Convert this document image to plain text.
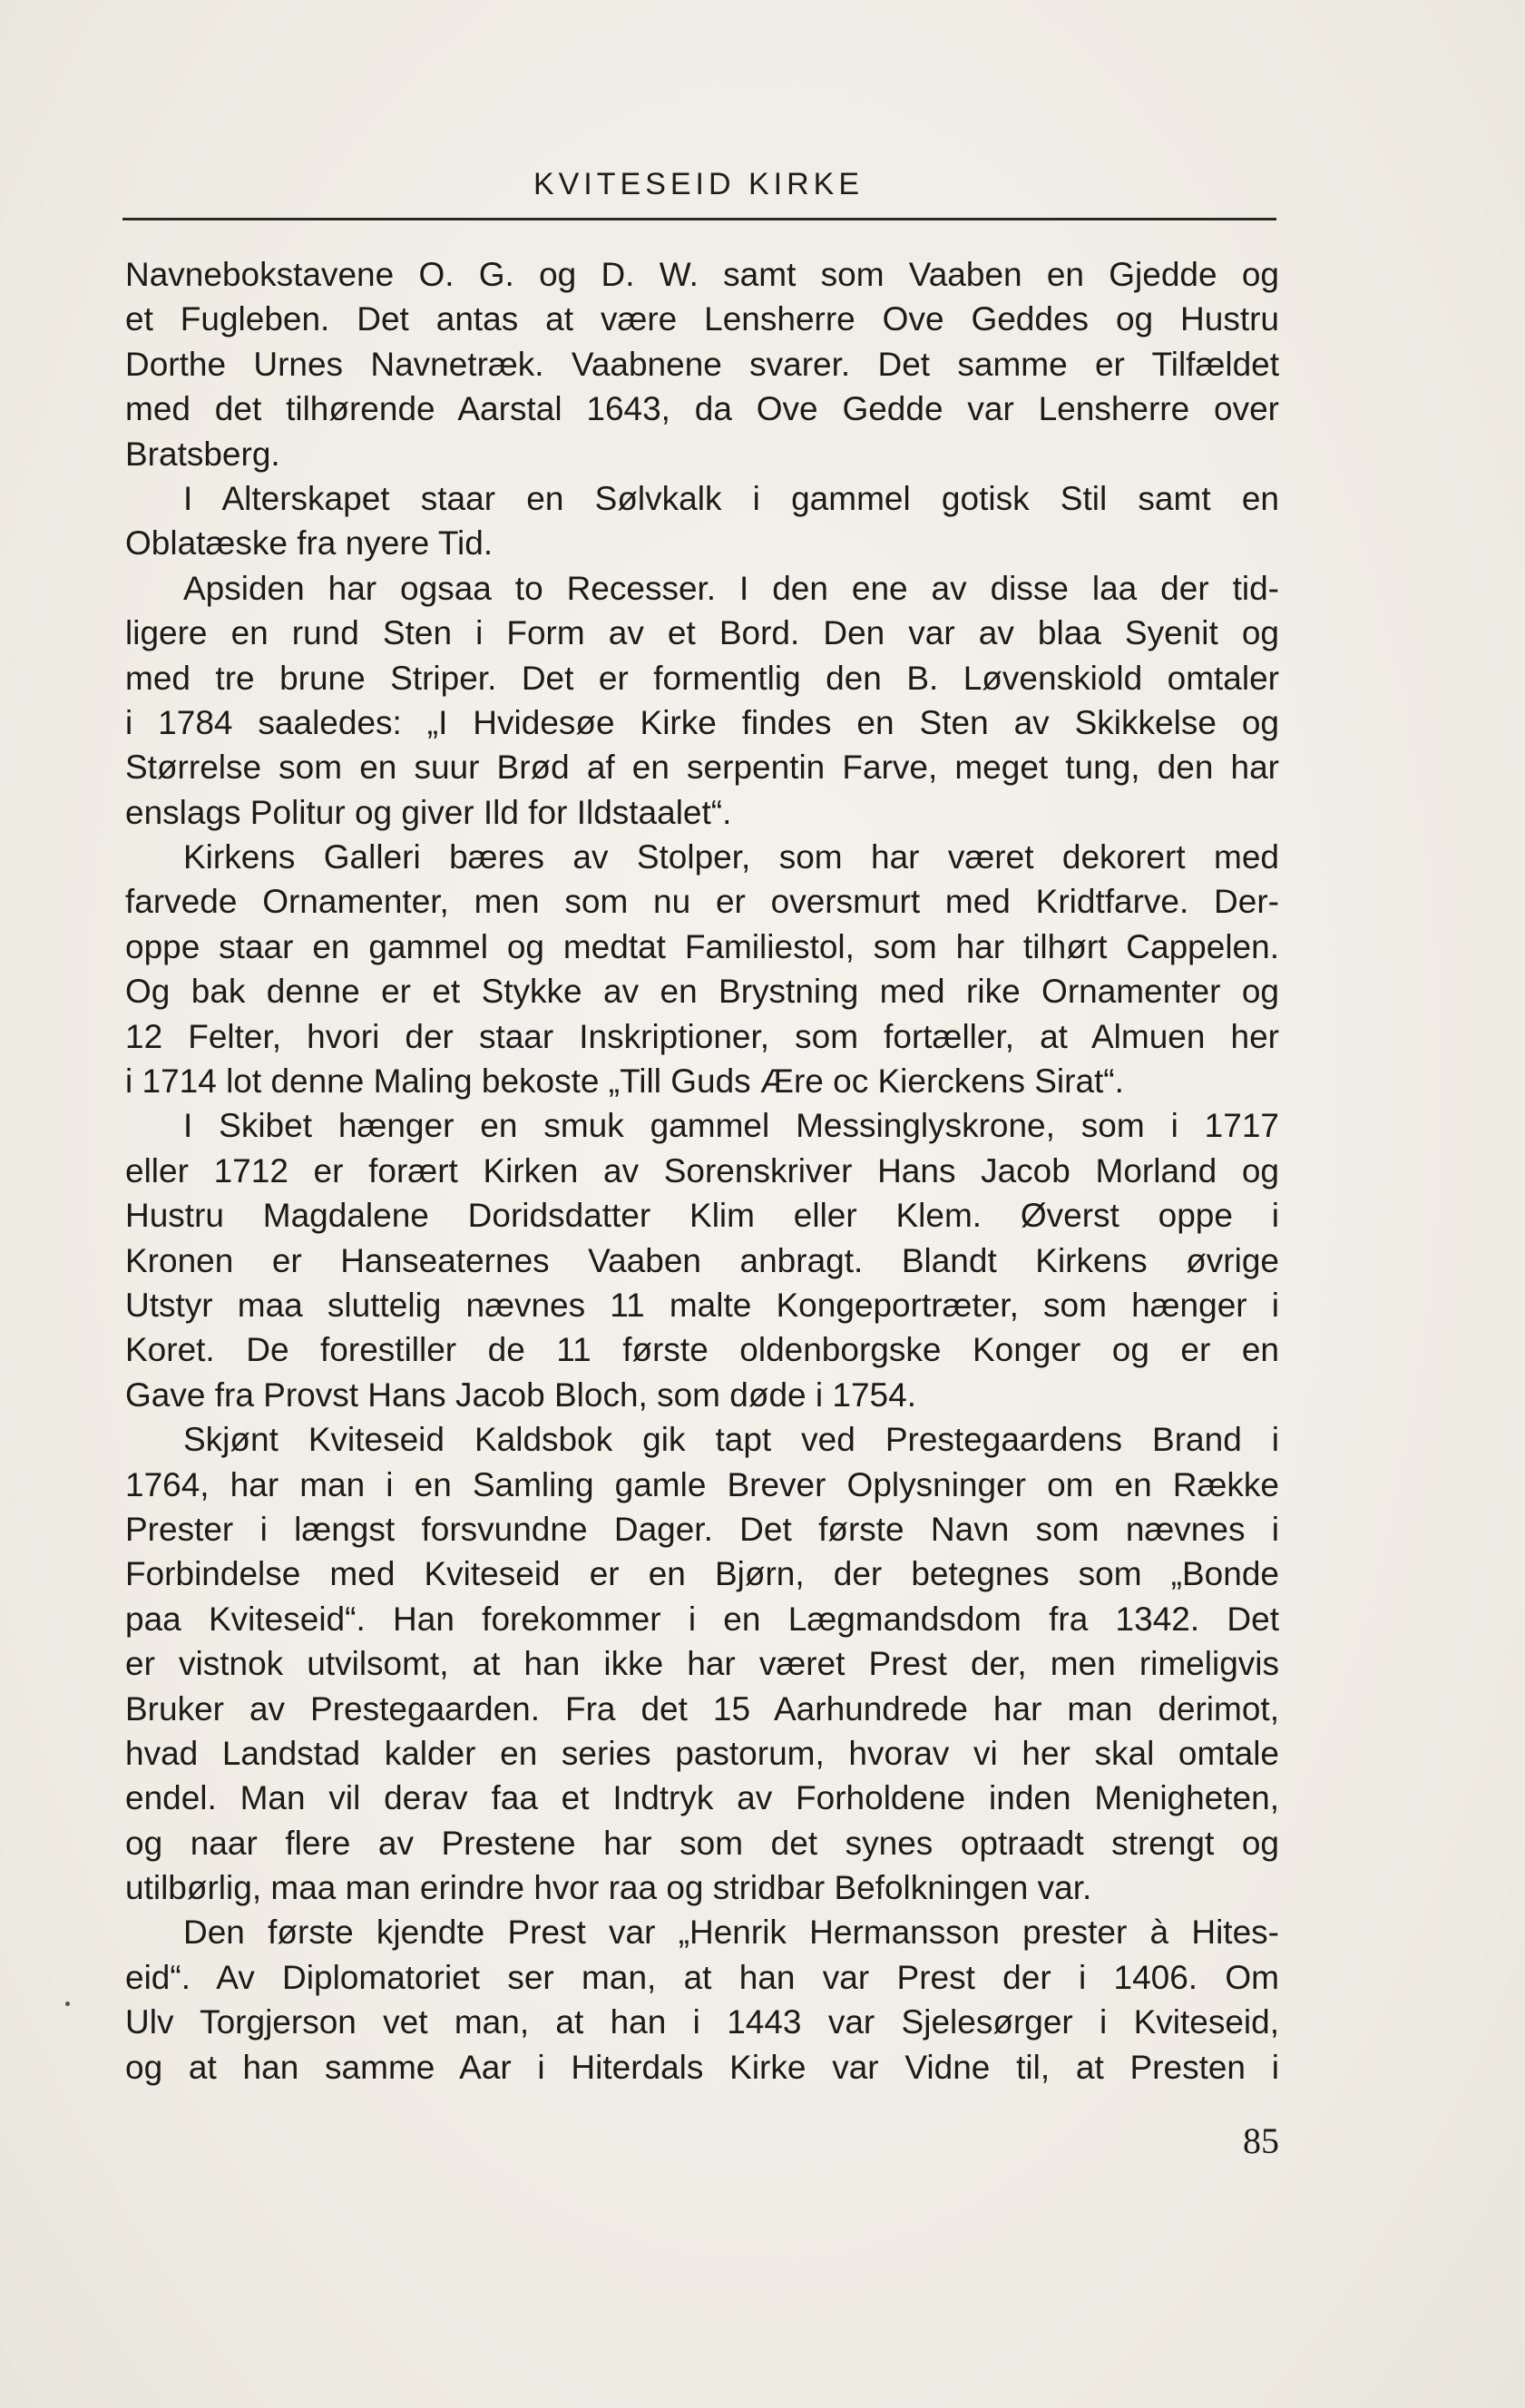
KVITESEID KIRKE
Navnebokstavene O. G. og D. W. samt som Vaaben en Gjedde og
et Fugleben. Det antas at være Lensherre Ove Geddes og Hustru
Dorthe Urnes Navnetræk. Vaabnene svarer. Det samme er Tilfældet
med det tilhørende Aarstal 1643, da Ove Gedde var Lensherre over
Bratsberg.
I Alterskapet staar en Sølvkalk i gammel gotisk Stil samt en
Oblatæske fra nyere Tid.
Apsiden har ogsaa to Recesser. I den ene av disse laa der tid-
ligere en rund Sten i Form av et Bord. Den var av blaa Syenit og
med tre brune Striper. Det er formentlig den B. Løvenskiold omtaler
i 1784 saaledes: „I Hvidesøe Kirke findes en Sten av Skikkelse og
Størrelse som en suur Brød af en serpentin Farve, meget tung, den har
enslags Politur og giver Ild for Ildstaalet“.
Kirkens Galleri bæres av Stolper, som har været dekorert med
farvede Ornamenter, men som nu er oversmurt med Kridtfarve. Der-
oppe staar en gammel og medtat Familiestol, som har tilhørt Cappelen.
Og bak denne er et Stykke av en Brystning med rike Ornamenter og
12 Felter, hvori der staar Inskriptioner, som fortæller, at Almuen her
i 1714 lot denne Maling bekoste „Till Guds Ære oc Kierckens Sirat“.
I Skibet hænger en smuk gammel Messinglyskrone, som i 1717
eller 1712 er forært Kirken av Sorenskriver Hans Jacob Morland og
Hustru Magdalene Doridsdatter Klim eller Klem. Øverst oppe i
Kronen er Hanseaternes Vaaben anbragt. Blandt Kirkens øvrige
Utstyr maa sluttelig nævnes 11 malte Kongeportræter, som hænger i
Koret. De forestiller de 11 første oldenborgske Konger og er en
Gave fra Provst Hans Jacob Bloch, som døde i 1754.
Skjønt Kviteseid Kaldsbok gik tapt ved Prestegaardens Brand i
1764, har man i en Samling gamle Brever Oplysninger om en Række
Prester i længst forsvundne Dager. Det første Navn som nævnes i
Forbindelse med Kviteseid er en Bjørn, der betegnes som „Bonde
paa Kviteseid“. Han forekommer i en Lægmandsdom fra 1342. Det
er vistnok utvilsomt, at han ikke har været Prest der, men rimeligvis
Bruker av Prestegaarden. Fra det 15 Aarhundrede har man derimot,
hvad Landstad kalder en series pastorum, hvorav vi her skal omtale
endel. Man vil derav faa et Indtryk av Forholdene inden Menigheten,
og naar flere av Prestene har som det synes optraadt strengt og
utilbørlig, maa man erindre hvor raa og stridbar Befolkningen var.
Den første kjendte Prest var „Henrik Hermansson prester à Hites-
eid“. Av Diplomatoriet ser man, at han var Prest der i 1406. Om
Ulv Torgjerson vet man, at han i 1443 var Sjelesørger i Kviteseid,
og at han samme Aar i Hiterdals Kirke var Vidne til, at Presten i
85
